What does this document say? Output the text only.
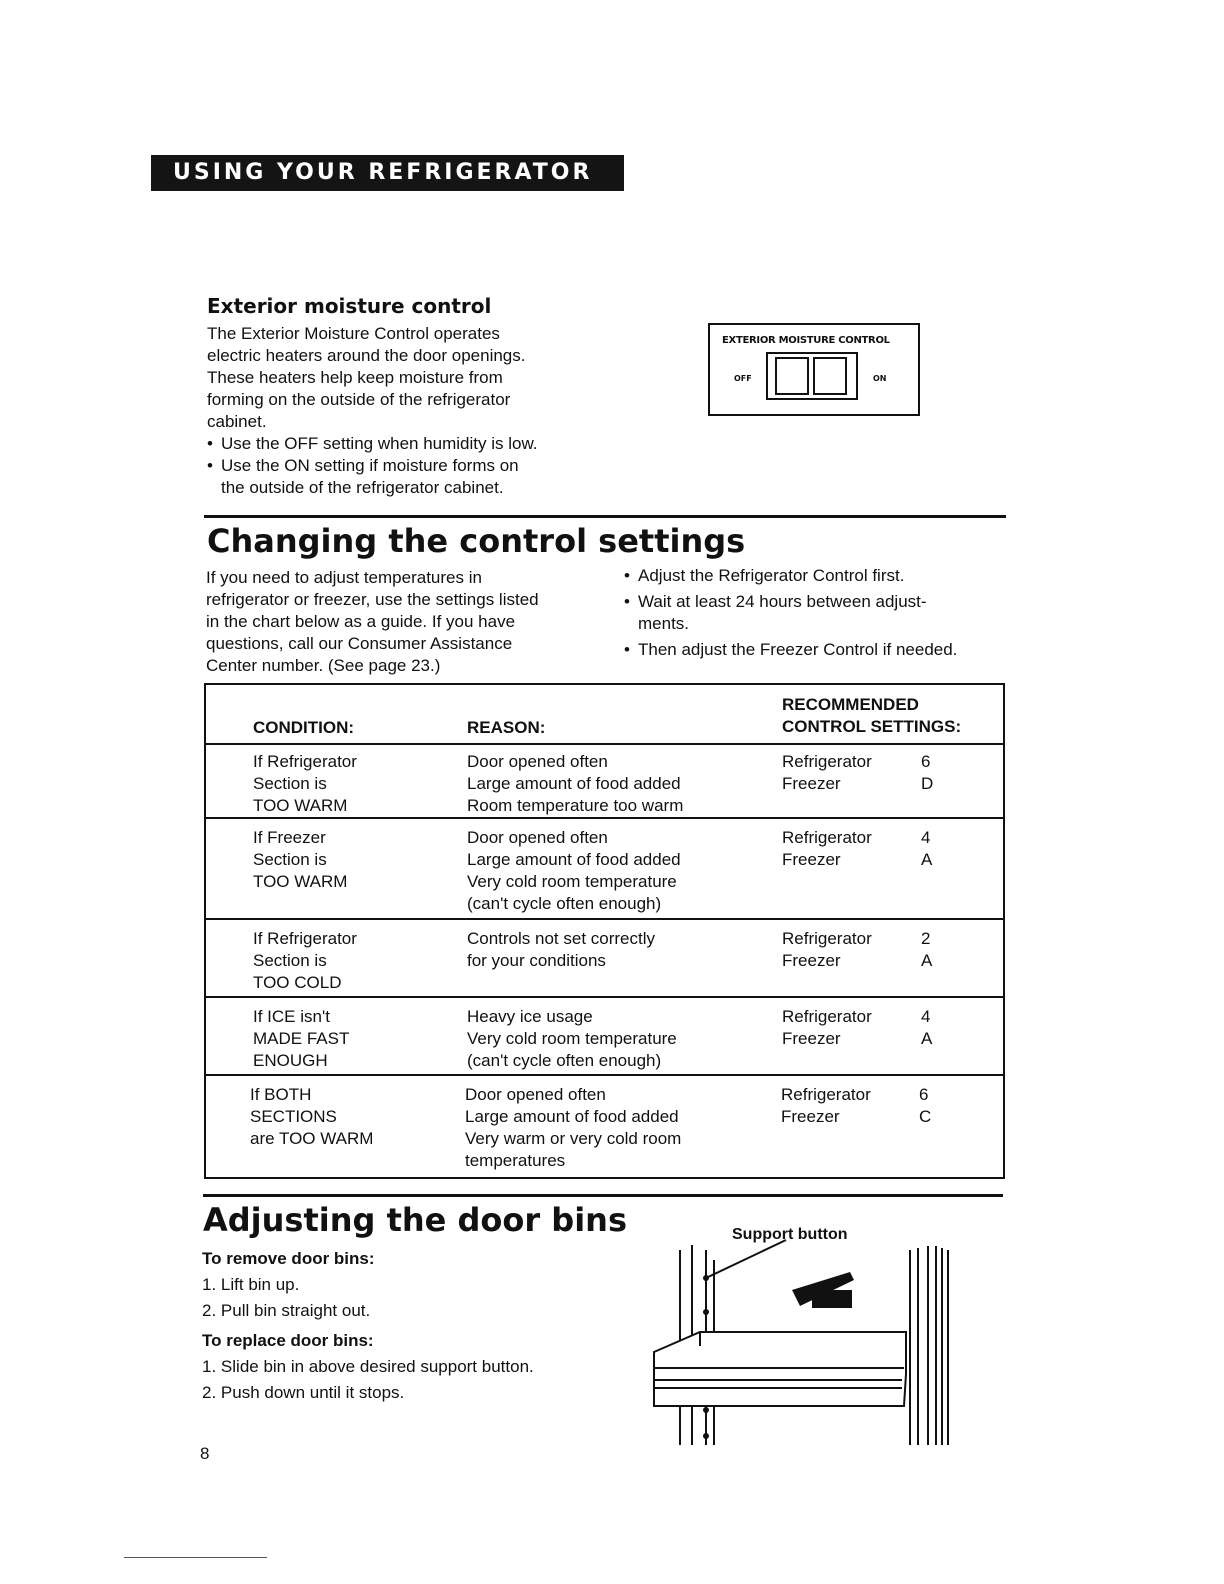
USING YOUR REFRIGERATOR
Exterior moisture control

The Exterior Moisture Control operates
electric heaters around the door openings.
These heaters help keep moisture from
forming on the outside of the refrigerator
cabinet.

• Use the OFF setting when humidity is low.
• Use the ON setting if moisture forms on
the outside of the refrigerator cabinet.
EXTERIOR MOISTURE CONTROL
OFF	ON
Changing the control settings
If you need to adjust temperatures in
refrigerator or freezer, use the settings listed
in the chart below as a guide. If you have
questions, call our Consumer Assistance
Center number. (See page 23.)
• Adjust the Refrigerator Control first.
• Wait at least 24 hours between adjust-
ments.
• Then adjust the Freezer Control if needed.
CONDITION:	REASON:
RECOMMENDED
CONTROL SETTINGS:
If Refrigerator
Section is
TOO WARM
Door opened often
Large amount of food added
Room temperature too warm
Refrigerator
Freezer
6
D
If Freezer
Section is
TOO WARM
Door opened often
Large amount of food added
Very cold room temperature
(can't cycle often enough)
Refrigerator
Freezer
4
A
If Refrigerator
Section is
TOO COLD
Controls not set correctly
for your conditions
Refrigerator
Freezer
2
A
If ICE isn't
MADE FAST
ENOUGH
Heavy ice usage
Very cold room temperature
(can't cycle often enough)
Refrigerator
Freezer
4
A
If BOTH
SECTIONS
are TOO WARM
Door opened often
Large amount of food added
Very warm or very cold room
temperatures
Refrigerator
Freezer
6
C
Adjusting the door bins
To remove door bins:
1. Lift bin up.
2. Pull bin straight out.
To replace door bins:
1. Slide bin in above desired support button.
2. Push down until it stops.
Support button
8
